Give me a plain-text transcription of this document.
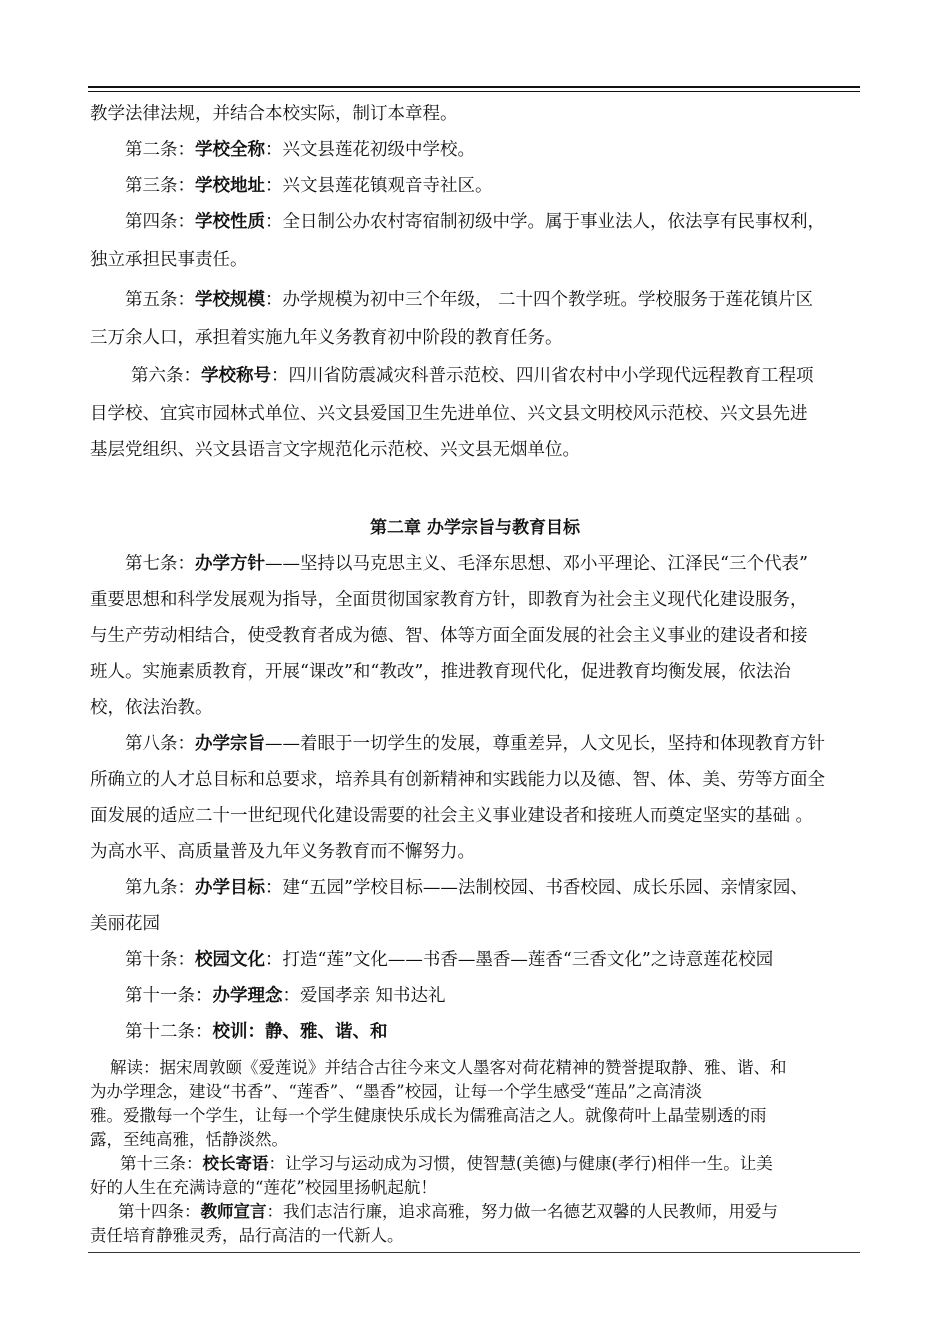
教学法律法规，并结合本校实际，制订本章程。

第二条：学校全称：兴文县莲花初级中学校。

第三条：学校地址：兴文县莲花镇观音寺社区。

第四条：学校性质：全日制公办农村寄宿制初级中学。属于事业法人，依法享有民事权利，

独立承担民事责任。

第五条：学校规模：办学规模为初中三个年级， 二十四个教学班。学校服务于莲花镇片区

三万余人口，承担着实施九年义务教育初中阶段的教育任务。

第六条：学校称号：四川省防震减灾科普示范校、四川省农村中小学现代远程教育工程项

目学校、宜宾市园林式单位、兴文县爱国卫生先进单位、兴文县文明校风示范校、兴文县先进

基层党组织、兴文县语言文字规范化示范校、兴文县无烟单位。

第二章 办学宗旨与教育目标

第七条：办学方针——坚持以马克思主义、毛泽东思想、邓小平理论、江泽民“三个代表”

重要思想和科学发展观为指导，全面贯彻国家教育方针，即教育为社会主义现代化建设服务，

与生产劳动相结合，使受教育者成为德、智、体等方面全面发展的社会主义事业的建设者和接

班人。实施素质教育，开展“课改”和“教改”，推进教育现代化，促进教育均衡发展，依法治

校，依法治教。

第八条：办学宗旨——着眼于一切学生的发展，尊重差异，人文见长，坚持和体现教育方针

所确立的人才总目标和总要求，培养具有创新精神和实践能力以及德、智、体、美、劳等方面全

面发展的适应二十一世纪现代化建设需要的社会主义事业建设者和接班人而奠定坚实的基础 。

为高水平、高质量普及九年义务教育而不懈努力。

第九条：办学目标：建“五园”学校目标——法制校园、书香校园、成长乐园、亲情家园、

美丽花园

第十条：校园文化：打造“莲”文化——书香—墨香—莲香“三香文化”之诗意莲花校园

第十一条：办学理念：爱国孝亲 知书达礼

第十二条：校训：静、雅、谐、和

解读：据宋周敦颐《爱莲说》并结合古往今来文人墨客对荷花精神的赞誉提取静、雅、谐、和

为办学理念，建设“书香”、“莲香”、“墨香”校园，让每一个学生感受“莲品”之高清淡

雅。爱撒每一个学生，让每一个学生健康快乐成长为儒雅高洁之人。就像荷叶上晶莹剔透的雨

露，至纯高雅，恬静淡然。

第十三条：校长寄语：让学习与运动成为习惯，使智慧(美德)与健康(孝行)相伴一生。让美

好的人生在充满诗意的“莲花”校园里扬帆起航！

第十四条：教师宣言：我们志洁行廉，追求高雅，努力做一名德艺双馨的人民教师，用爱与

责任培育静雅灵秀，品行高洁的一代新人。
